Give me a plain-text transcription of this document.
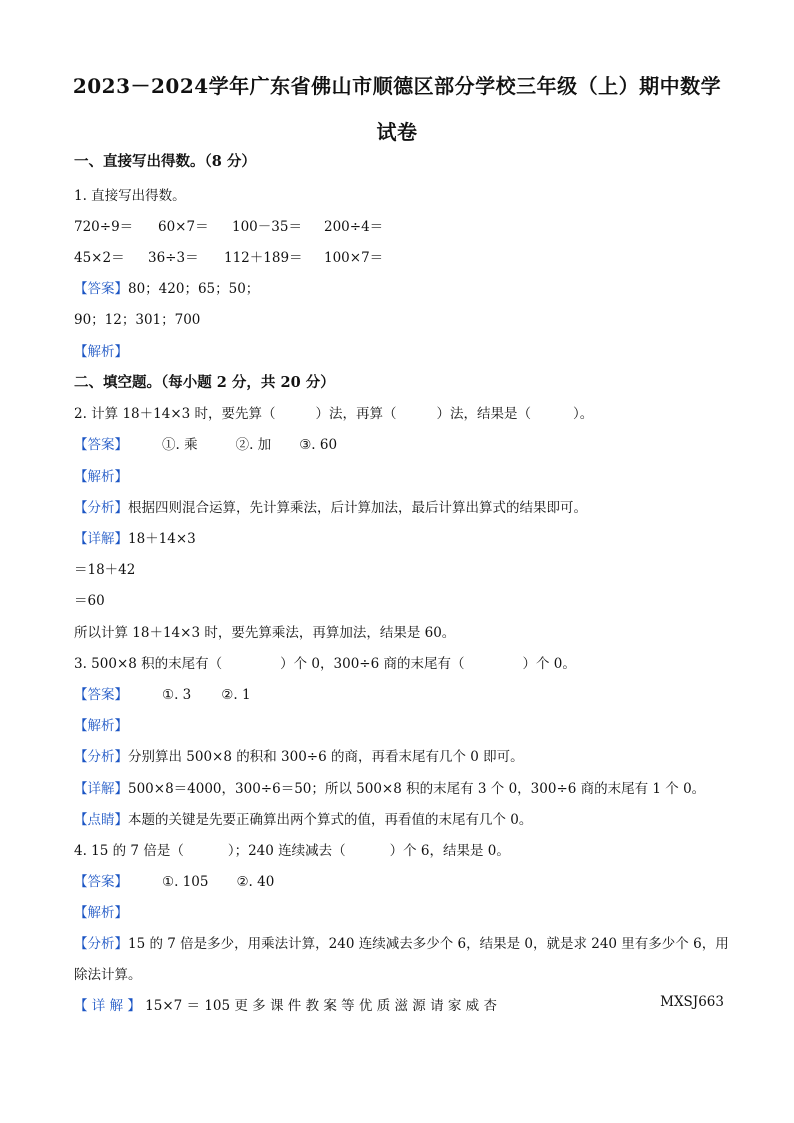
2023－2024学年广东省佛山市顺德区部分学校三年级（上）期中数学
试卷
一、直接写出得数。（8 分）
1. 直接写出得数。
720÷9＝ 60×7＝ 100－35＝ 200÷4＝
45×2＝ 36÷3＝ 112＋189＝ 100×7＝
【答案】80；420；65；50；
90；12；301；700
【解析】
二、填空题。（每小题 2 分，共 20 分）
2. 计算 18＋14×3 时，要先算（	）法，再算（	）法，结果是（	）。
【答案】	①. 乘	②. 加 ③. 60
【解析】
【分析】根据四则混合运算，先计算乘法，后计算加法，最后计算出算式的结果即可。
【详解】18＋14×3
＝18＋42
＝60
所以计算 18＋14×3 时，要先算乘法，再算加法，结果是 60。
3. 500×8 积的末尾有（	）个 0，300÷6 商的末尾有（	）个 0。
【答案】	①. 3 ②. 1
【解析】
【分析】分别算出 500×8 的积和 300÷6 的商，再看末尾有几个 0 即可。
【详解】500×8＝4000，300÷6＝50；所以 500×8 积的末尾有 3 个 0，300÷6 商的末尾有 1 个 0。
【点睛】本题的关键是先要正确算出两个算式的值，再看值的末尾有几个 0。
4. 15 的 7 倍是（	）；240 连续减去（	）个 6，结果是 0。
【答案】	①. 105 ②. 40
【解析】
【分析】15 的 7 倍是多少，用乘法计算，240 连续减去多少个 6，结果是 0，就是求 240 里有多少个 6，用
除法计算。
【 详 解 】 15×7 ＝ 105 更 多 课 件 教 案 等 优 质 滋 源 请 家 威 杏	MXSJ663
